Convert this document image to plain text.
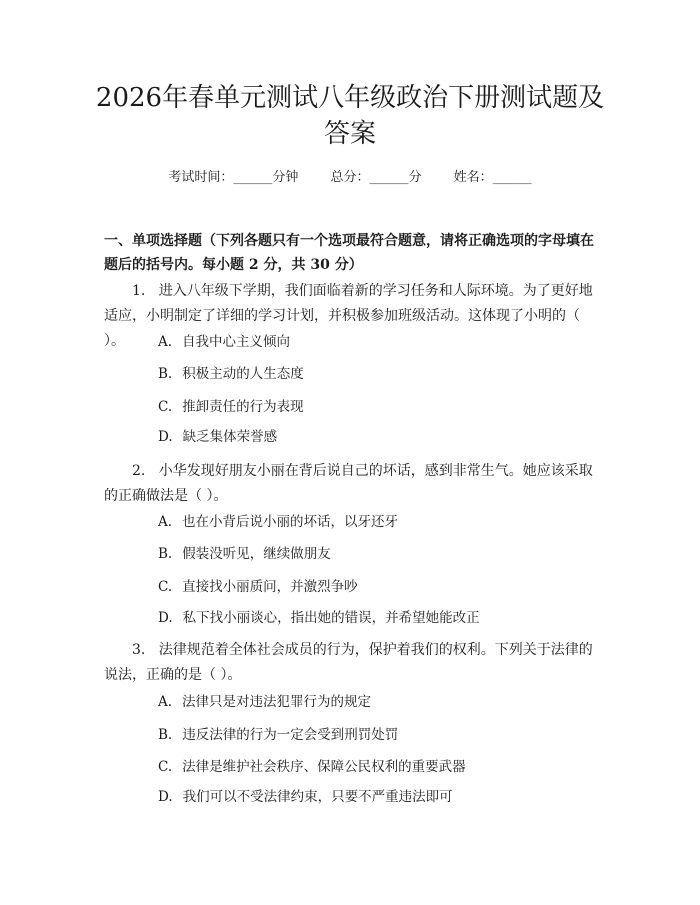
2026年春单元测试八年级政治下册测试题及
答案
考试时间：______分钟 总分：______分 姓名：______

一、单项选择题（下列各题只有一个选项最符合题意，请将正确选项的字母填在题后的括号内。每小题 2 分，共 30 分）

1. 进入八年级下学期，我们面临着新的学习任务和人际环境。为了更好地适应，小明制定了详细的学习计划，并积极参加班级活动。这体现了小明的（ ）。	A. 自我中心主义倾向

B. 积极主动的人生态度

C. 推卸责任的行为表现

D. 缺乏集体荣誉感

2. 小华发现好朋友小丽在背后说自己的坏话，感到非常生气。她应该采取的正确做法是（ ）。

A. 也在小背后说小丽的坏话，以牙还牙

B. 假装没听见，继续做朋友

C. 直接找小丽质问，并激烈争吵

D. 私下找小丽谈心，指出她的错误，并希望她能改正

3. 法律规范着全体社会成员的行为，保护着我们的权利。下列关于法律的说法，正确的是（ ）。

A. 法律只是对违法犯罪行为的规定

B. 违反法律的行为一定会受到刑罚处罚

C. 法律是维护社会秩序、保障公民权利的重要武器

D. 我们可以不受法律约束，只要不严重违法即可
